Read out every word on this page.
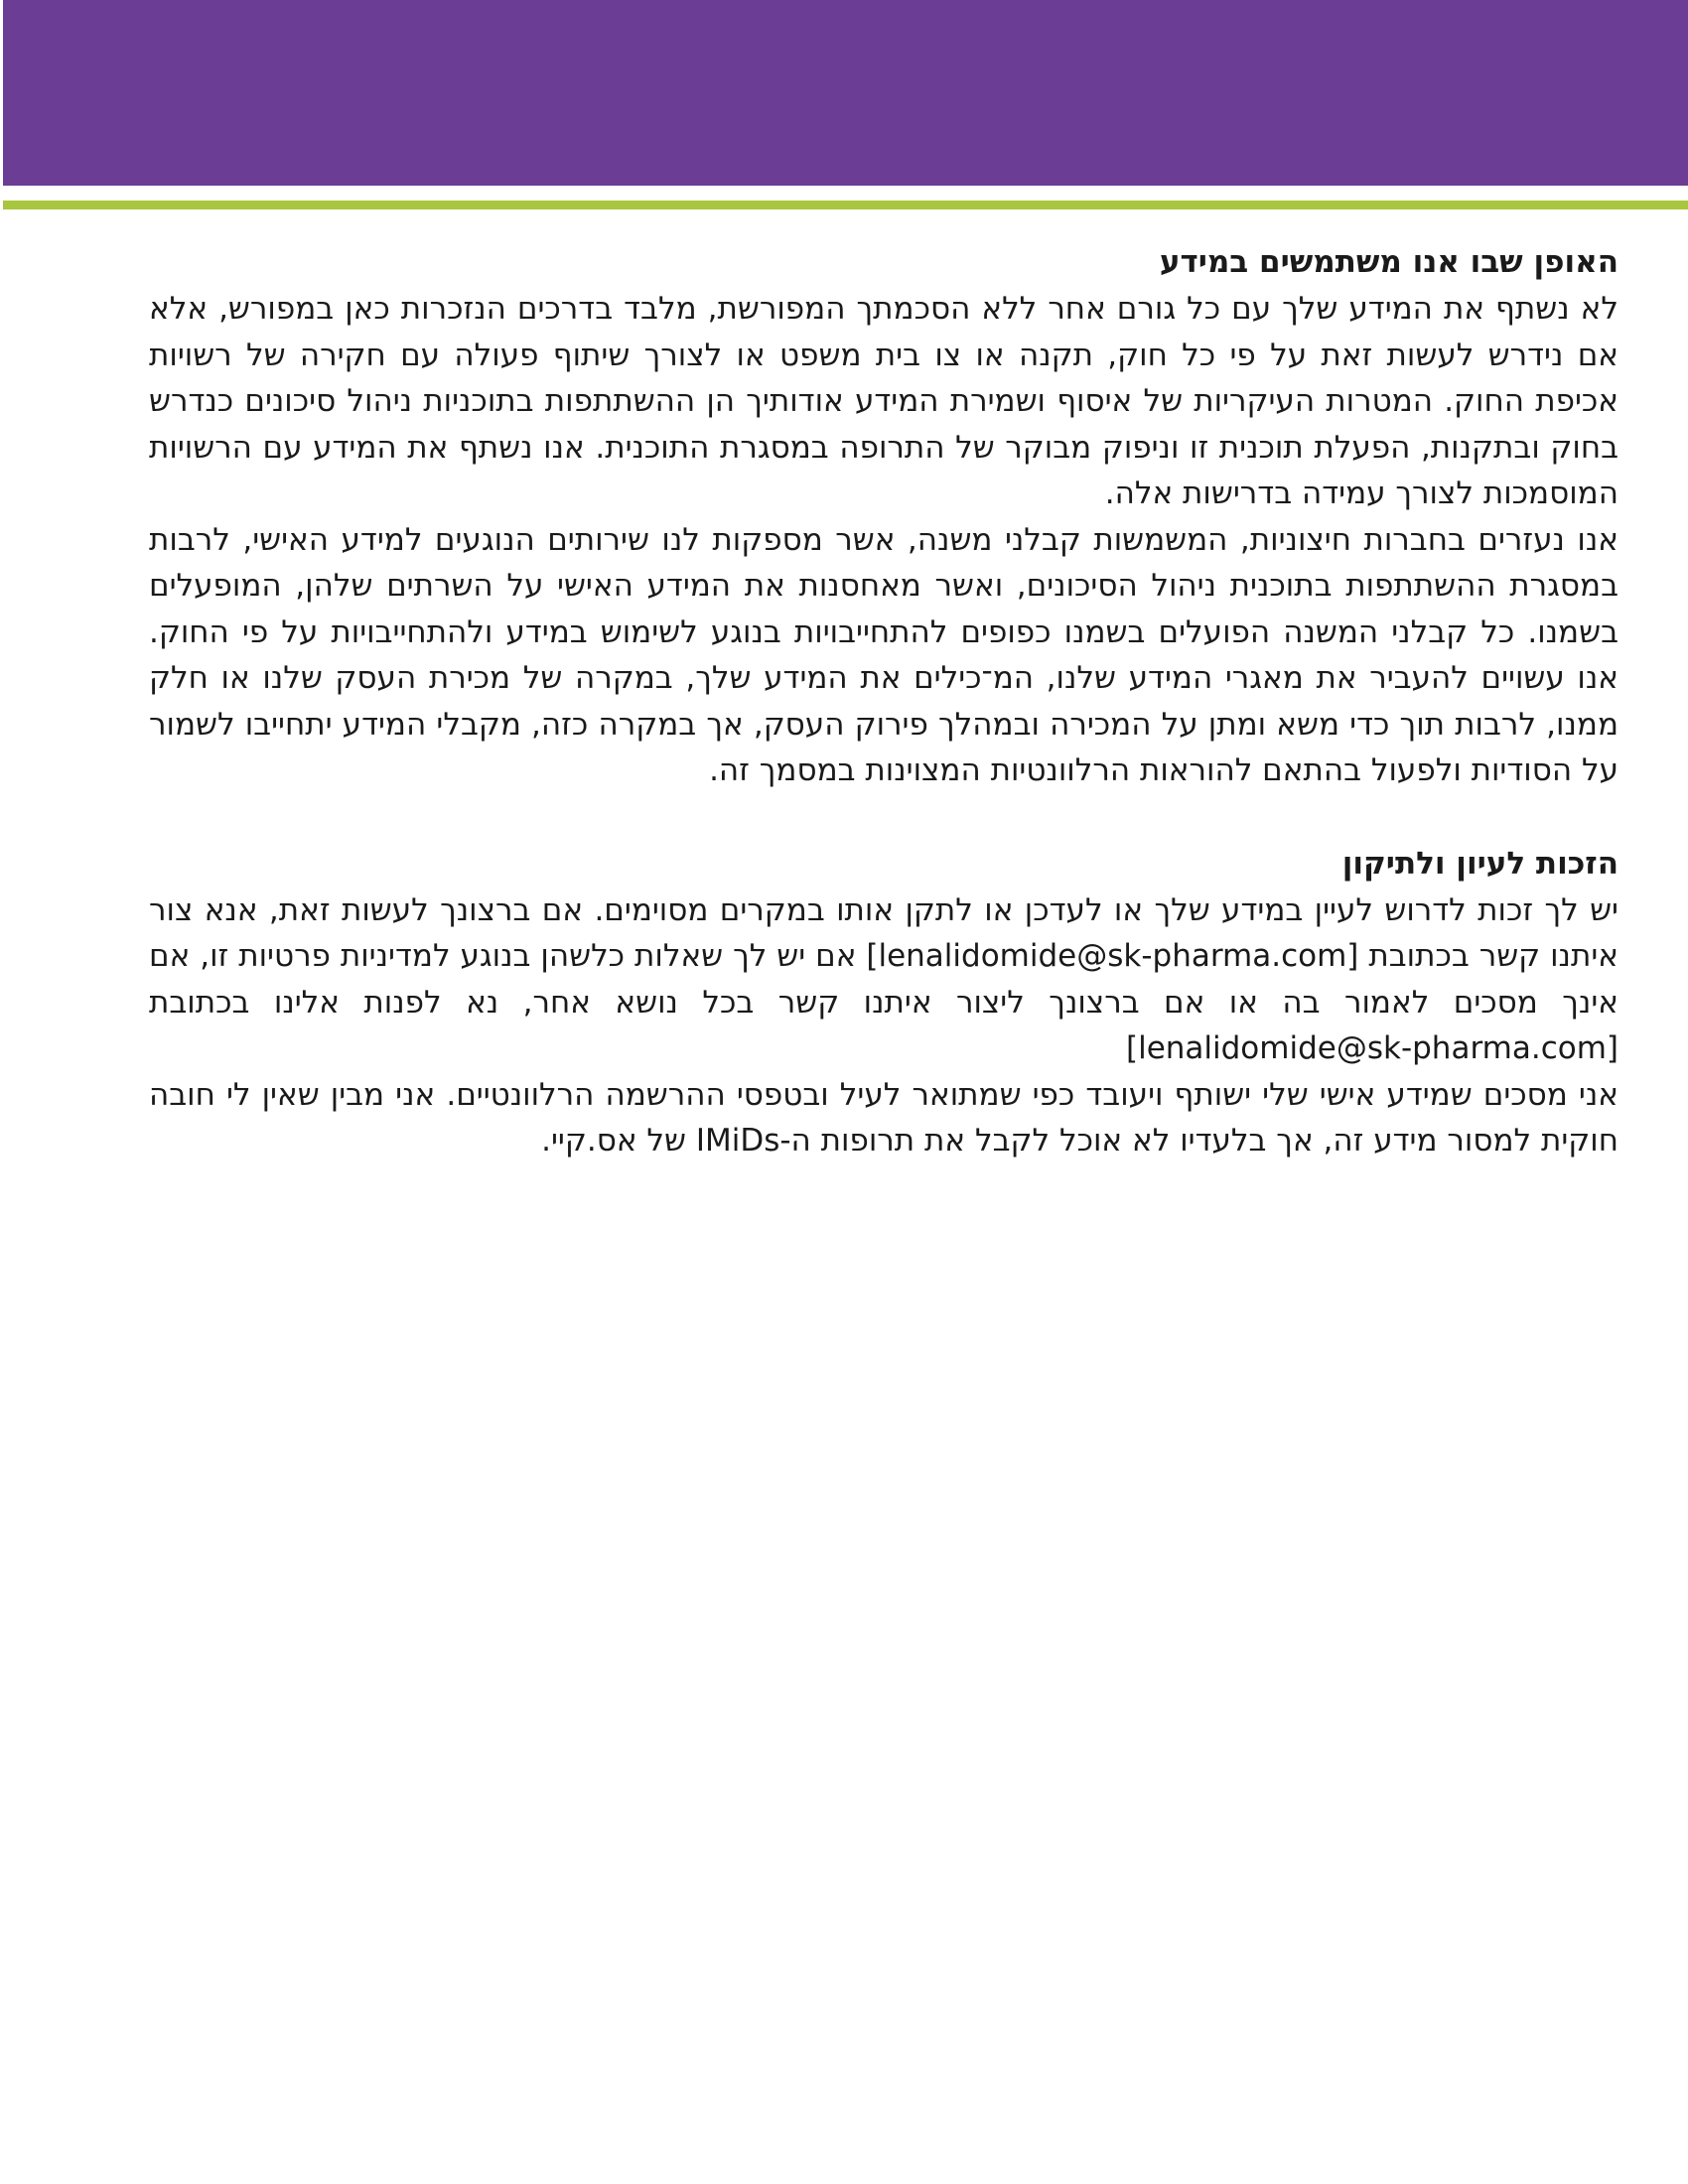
האופן שבו אנו משתמשים במידע

לא נשתף את המידע שלך עם כל גורם אחר ללא הסכמתך המפורשת, מלבד בדרכים הנזכרות כאן במפורש, אלא אם נידרש לעשות זאת על פי כל חוק, תקנה או צו בית משפט או לצורך שיתוף פעולה עם חקירה של רשויות אכיפת החוק. המטרות העיקריות של איסוף ושמירת המידע אודותיך הן ההשתתפות בתוכניות ניהול סיכונים כנדרש בחוק ובתקנות, הפעלת תוכנית זו וניפוק מבוקר של התרופה במסגרת התוכנית. אנו נשתף את המידע עם הרשויות המוסמכות לצורך עמידה בדרישות אלה.

אנו נעזרים בחברות חיצוניות, המשמשות קבלני משנה, אשר מספקות לנו שירותים הנוגעים למידע האישי, לרבות במסגרת ההשתתפות בתוכנית ניהול הסיכונים, ואשר מאחסנות את המידע האישי על השרתים שלהן, המופעלים בשמנו. כל קבלני המשנה הפועלים בשמנו כפופים להתחייבויות בנוגע לשימוש במידע ולהתחייבויות על פי החוק. אנו עשויים להעביר את מאגרי המידע שלנו, המ־כילים את המידע שלך, במקרה של מכירת העסק שלנו או חלק ממנו, לרבות תוך כדי משא ומתן על המכירה ובמהלך פירוק העסק, אך במקרה כזה, מקבלי המידע יתחייבו לשמור על הסודיות ולפעול בהתאם להוראות הרלוונטיות המצוינות במסמך זה.

הזכות לעיון ולתיקון

יש לך זכות לדרוש לעיין במידע שלך או לעדכן או לתקן אותו במקרים מסוימים. אם ברצונך לעשות זאת, אנא צור איתנו קשר בכתובת [lenalidomide@sk-pharma.com] אם יש לך שאלות כלשהן בנוגע למדיניות פרטיות זו, אם אינך מסכים לאמור בה או אם ברצונך ליצור איתנו קשר בכל נושא אחר, נא לפנות אלינו בכתובת [lenalidomide@sk-pharma.com]

אני מסכים שמידע אישי שלי ישותף ויעובד כפי שמתואר לעיל ובטפסי ההרשמה הרלוונטיים. אני מבין שאין לי חובה חוקית למסור מידע זה, אך בלעדיו לא אוכל לקבל את תרופות ה-IMiDs של אס.קיי.
